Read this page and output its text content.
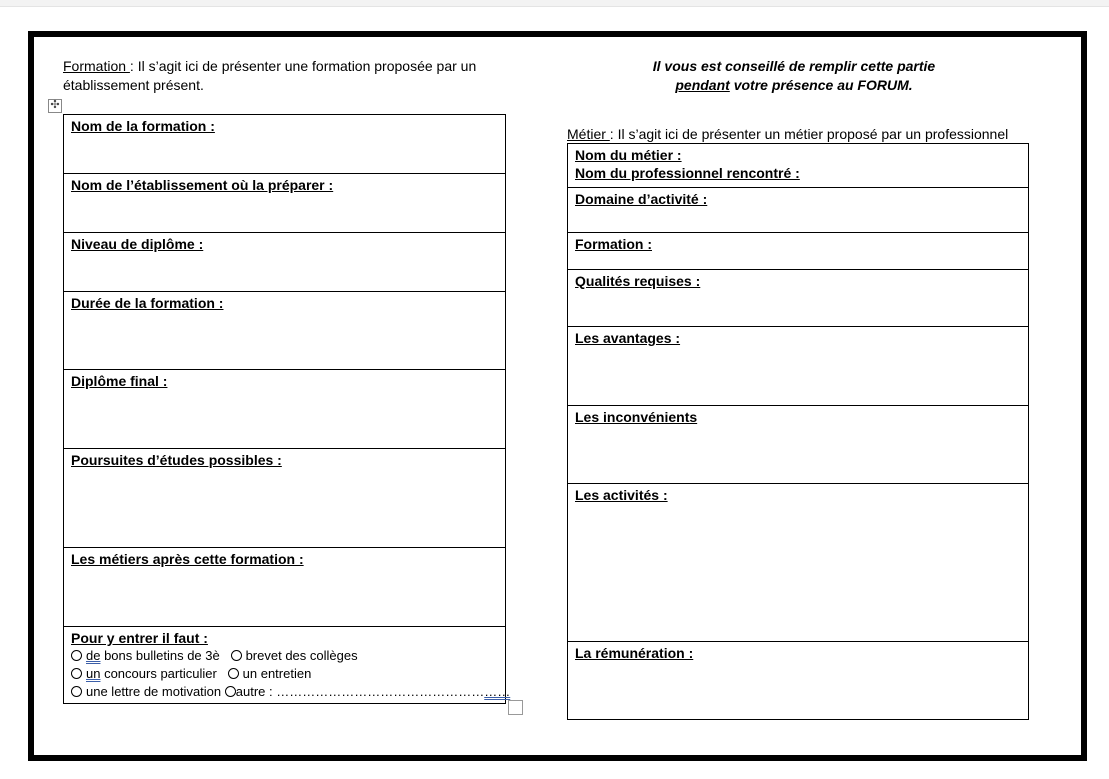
Formation : Il s’agit ici de présenter une formation proposée par un établissement présent.
Il vous est conseillé de remplir cette partie
pendant votre présence au FORUM.
✣
Nom de la formation :

Nom de l’établissement où la préparer :

Niveau de diplôme :

Durée de la formation :

Diplôme final :

Poursuites d’études possibles :

Les métiers après cette formation :

Pour y entrer il faut :
de bons bulletins de 3è brevet des collèges
un concours particulier un entretien
une lettre de motivation autre : ………………………………………………
Métier : Il s’agit ici de présenter un métier proposé par un professionnel
Nom du métier :
Nom du professionnel rencontré :

Domaine d’activité :

Formation :

Qualités requises :

Les avantages :

Les inconvénients

Les activités :

La rémunération :
